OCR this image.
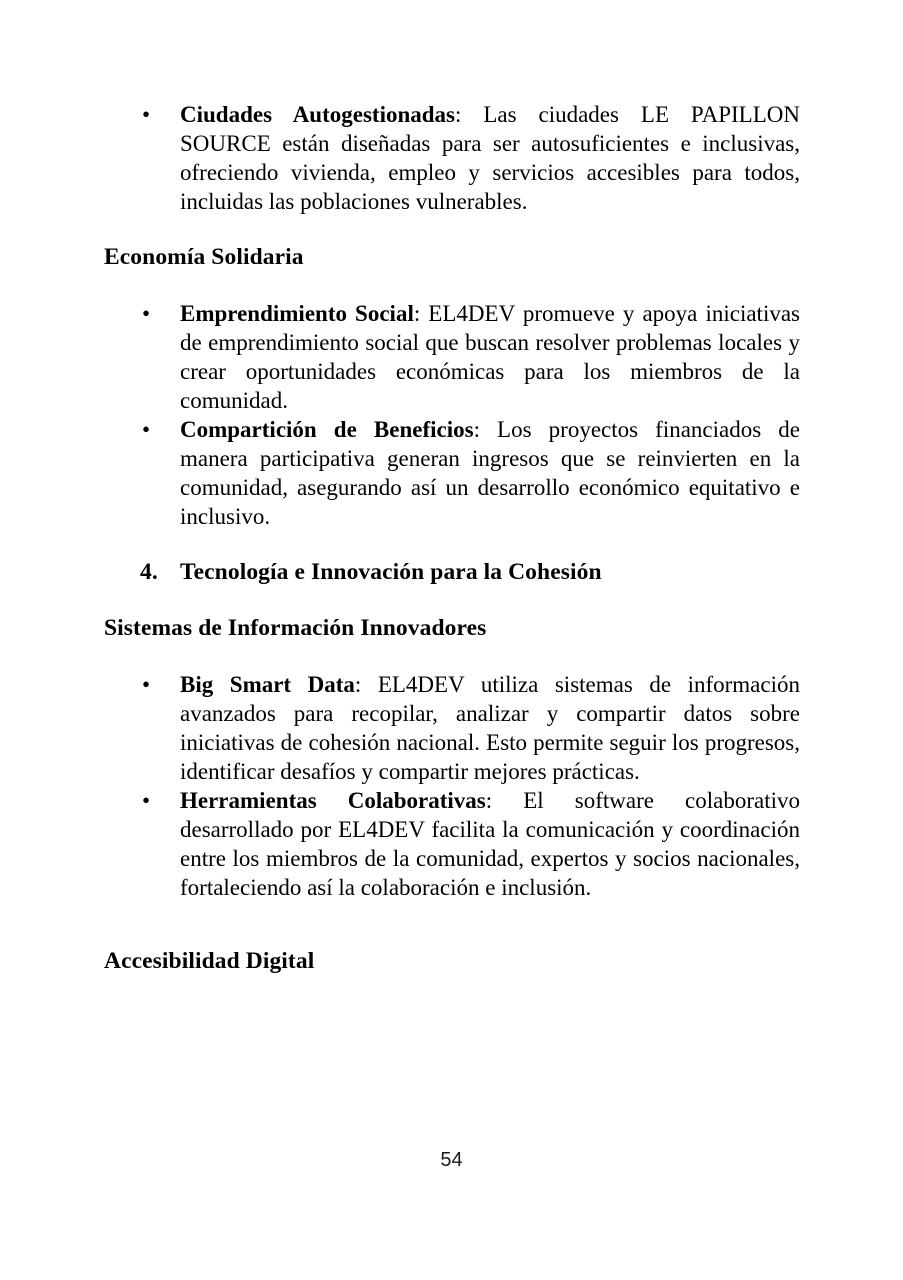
• Ciudades Autogestionadas: Las ciudades LE PAPILLON SOURCE están diseñadas para ser autosuficientes e inclusivas, ofreciendo vivienda, empleo y servicios accesibles para todos, incluidas las poblaciones vulnerables.
Economía Solidaria
• Emprendimiento Social: EL4DEV promueve y apoya iniciativas de emprendimiento social que buscan resolver problemas locales y crear oportunidades económicas para los miembros de la comunidad.
• Compartición de Beneficios: Los proyectos financiados de manera participativa generan ingresos que se reinvierten en la comunidad, asegurando así un desarrollo económico equitativo e inclusivo.
4. Tecnología e Innovación para la Cohesión
Sistemas de Información Innovadores
• Big Smart Data: EL4DEV utiliza sistemas de información avanzados para recopilar, analizar y compartir datos sobre iniciativas de cohesión nacional. Esto permite seguir los progresos, identificar desafíos y compartir mejores prácticas.
• Herramientas Colaborativas: El software colaborativo desarrollado por EL4DEV facilita la comunicación y coordinación entre los miembros de la comunidad, expertos y socios nacionales, fortaleciendo así la colaboración e inclusión.
Accesibilidad Digital
54
